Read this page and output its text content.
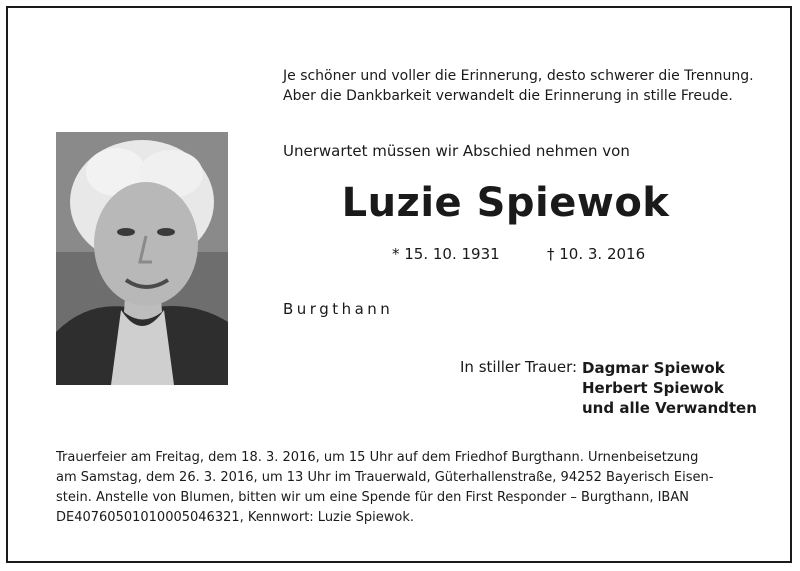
Je schöner und voller die Erinnerung, desto schwerer die Trennung.
Aber die Dankbarkeit verwandelt die Erinnerung in stille Freude.
Unerwartet müssen wir Abschied nehmen von
Luzie Spiewok
* 15. 10. 1931	† 10. 3. 2016
Burgthann
In stiller Trauer: Dagmar Spiewok
Herbert Spiewok
und alle Verwandten
Trauerfeier am Freitag, dem 18. 3. 2016, um 15 Uhr auf dem Friedhof Burgthann. Urnenbeisetzung
am Samstag, dem 26. 3. 2016, um 13 Uhr im Trauerwald, Güterhallenstraße, 94252 Bayerisch Eisen-
stein. Anstelle von Blumen, bitten wir um eine Spende für den First Responder – Burgthann, IBAN
DE40760501010005046321, Kennwort: Luzie Spiewok.
